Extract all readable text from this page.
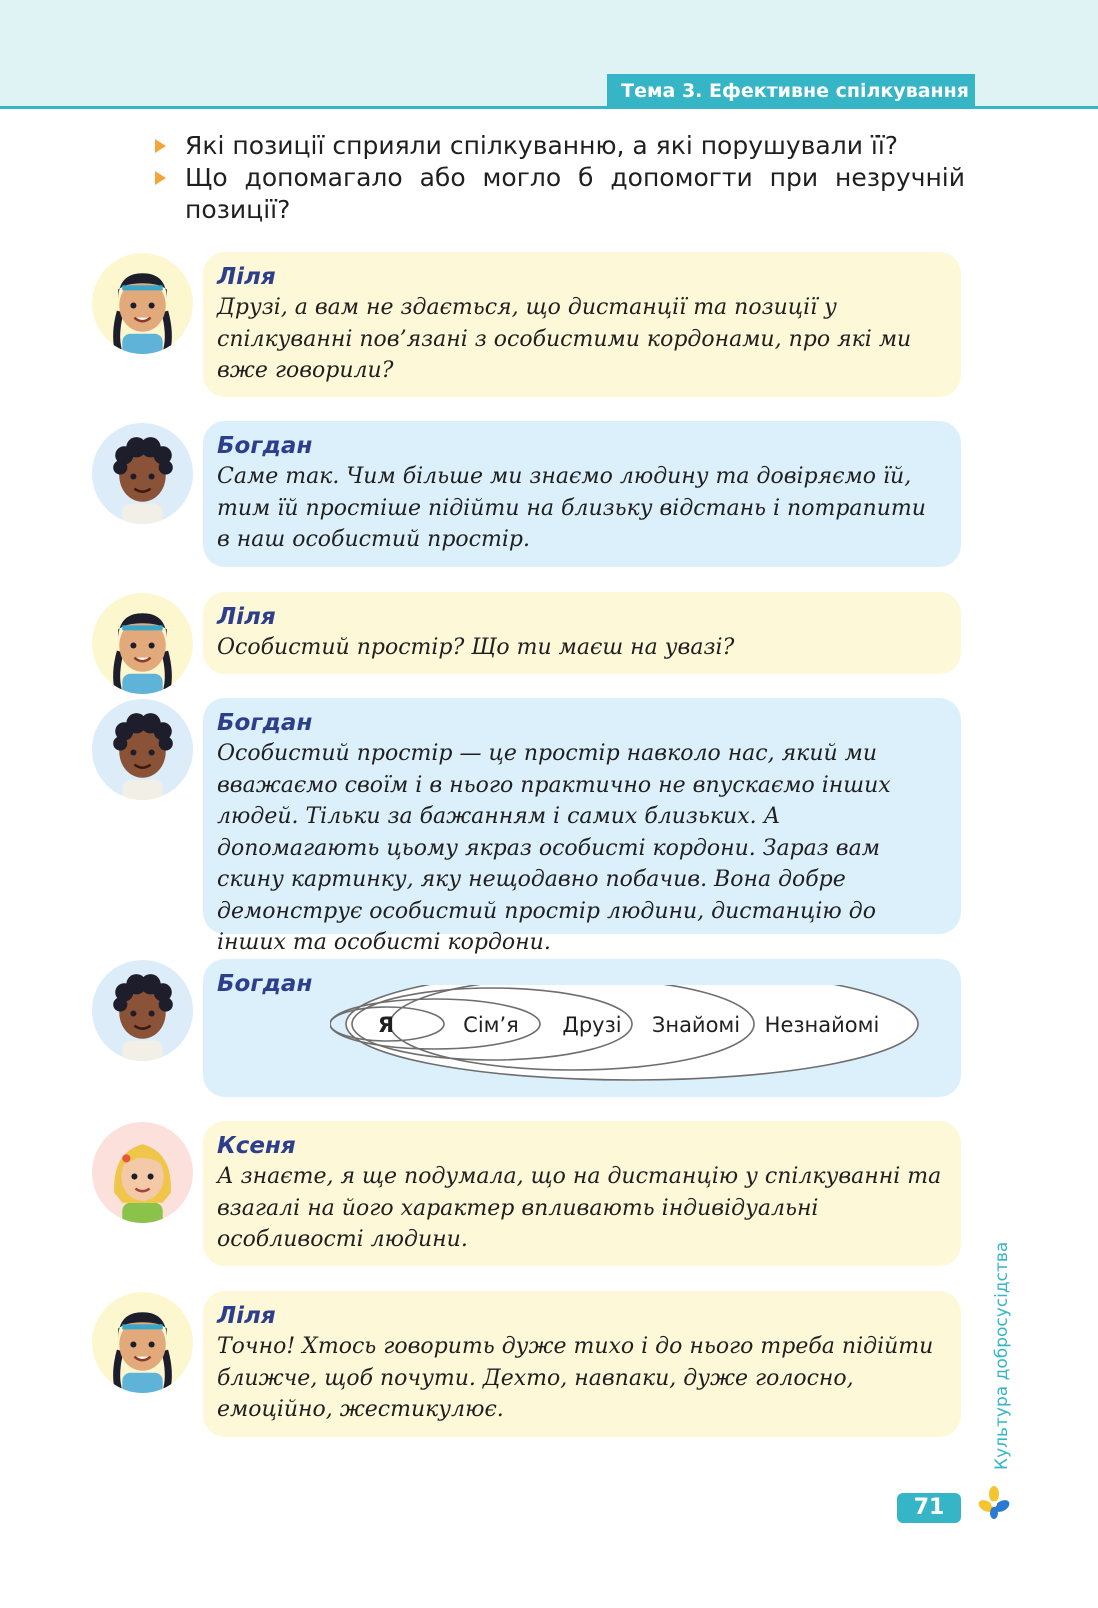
Тема 3. Ефективне спілкування
Які позиції сприяли спілкуванню, а які порушували її?
Що допомагало або могло б допомогти при незручній позиції?
Ліля
Друзі, а вам не здається, що дистанції та позиції у спілкуванні пов’язані з особистими кордонами, про які ми вже говорили?
Богдан
Саме так. Чим більше ми знаємо людину та довіряємо їй, тим їй простіше підійти на близьку відстань і потрапити в наш особистий простір.
Ліля
Особистий простір? Що ти маєш на увазі?
Богдан
Особистий простір — це простір навколо нас, який ми вважаємо своїм і в нього практично не впускаємо інших людей. Тільки за бажанням і самих близьких. А допомагають цьому якраз особисті кордони. Зараз вам скину картинку, яку нещодавно побачив. Вона добре демонструє особистий простір людини, дистанцію до інших та особисті кордони.
Богдан
Я	Сім’я Друзі Знайомі Незнайомі
Ксеня
А знаєте, я ще подумала, що на дистанцію у спілкуванні та взагалі на його характер впливають індивідуальні особливості людини.
Ліля
Точно! Хтось говорить дуже тихо і до нього треба підійти ближче, щоб почути. Дехто, навпаки, дуже голосно, емоційно, жестикулює.	Культура добросусідства
71
